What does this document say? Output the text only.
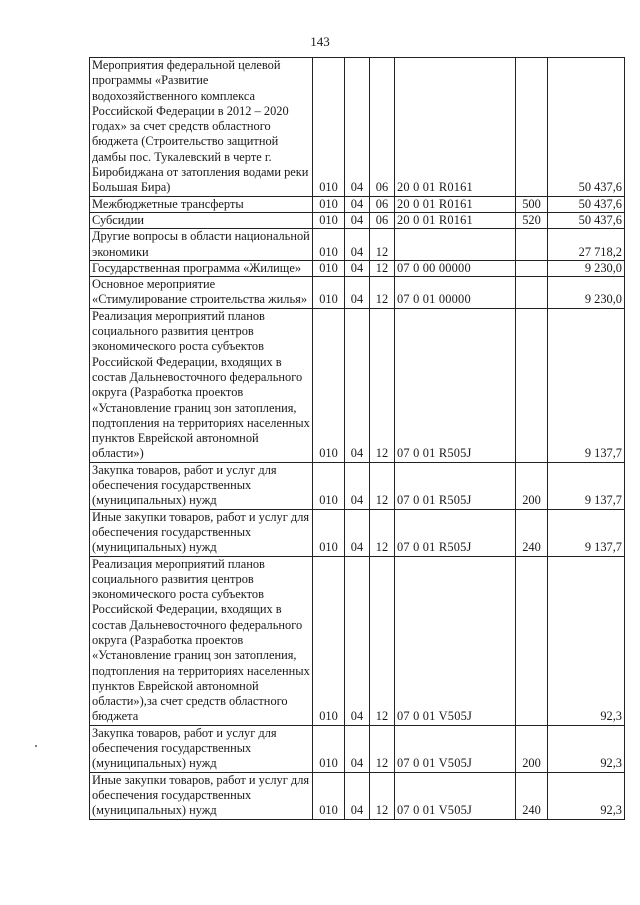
143
Мероприятия федеральной целевой программы «Развитие водохозяйственного комплекса Российской Федерации в 2012 – 2020 годах» за счет средств областного бюджета (Строительство защитной дамбы пос. Тукалевский в черте г. Биробиджана от затопления водами реки Большая Бира)	010	04	06	20 0 01 R0161		50 437,6
Межбюджетные трансферты	010	04	06	20 0 01 R0161	500	50 437,6
Субсидии	010	04	06	20 0 01 R0161	520	50 437,6
Другие вопросы в области национальной экономики	010	04	12			27 718,2
Государственная программа «Жилище»	010	04	12	07 0 00 00000		9 230,0
Основное мероприятие «Стимулирование строительства жилья»	010	04	12	07 0 01 00000		9 230,0
Реализация мероприятий планов социального развития центров экономического роста субъектов Российской Федерации, входящих в состав Дальневосточного федерального округа (Разработка проектов «Установление границ зон затопления, подтопления на территориях населенных пунктов Еврейской автономной области»)	010	04	12	07 0 01 R505J		9 137,7
Закупка товаров, работ и услуг для обеспечения государственных (муниципальных) нужд	010	04	12	07 0 01 R505J	200	9 137,7
Иные закупки товаров, работ и услуг для обеспечения государственных (муниципальных) нужд	010	04	12	07 0 01 R505J	240	9 137,7
Реализация мероприятий планов социального развития центров экономического роста субъектов Российской Федерации, входящих в состав Дальневосточного федерального округа (Разработка проектов «Установление границ зон затопления, подтопления на территориях населенных пунктов Еврейской автономной области»),за счет средств областного бюджета	010	04	12	07 0 01 V505J		92,3
Закупка товаров, работ и услуг для обеспечения государственных (муниципальных) нужд	010	04	12	07 0 01 V505J	200	92,3
Иные закупки товаров, работ и услуг для обеспечения государственных (муниципальных) нужд	010	04	12	07 0 01 V505J	240	92,3
